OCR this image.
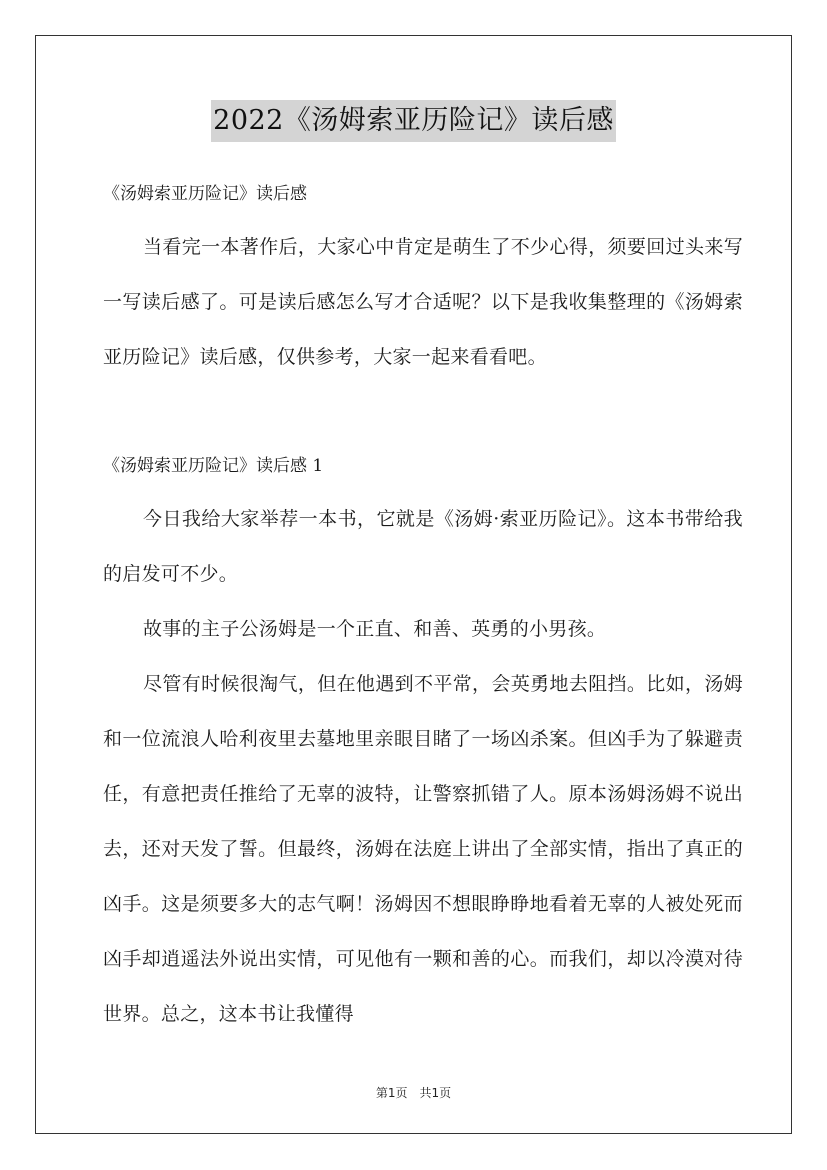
2022《汤姆索亚历险记》读后感
《汤姆索亚历险记》读后感

当看完一本著作后，大家心中肯定是萌生了不少心得，须要回过头来写一写读后感了。可是读后感怎么写才合适呢？以下是我收集整理的《汤姆索亚历险记》读后感，仅供参考，大家一起来看看吧。

《汤姆索亚历险记》读后感 1

今日我给大家举荐一本书，它就是《汤姆·索亚历险记》。这本书带给我的启发可不少。

故事的主子公汤姆是一个正直、和善、英勇的小男孩。

尽管有时候很淘气，但在他遇到不平常，会英勇地去阻挡。比如，汤姆和一位流浪人哈利夜里去墓地里亲眼目睹了一场凶杀案。但凶手为了躲避责任，有意把责任推给了无辜的波特，让警察抓错了人。原本汤姆汤姆不说出去，还对天发了誓。但最终，汤姆在法庭上讲出了全部实情，指出了真正的凶手。这是须要多大的志气啊！汤姆因不想眼睁睁地看着无辜的人被处死而凶手却逍遥法外说出实情，可见他有一颗和善的心。而我们，却以冷漠对待世界。总之，这本书让我懂得

第1页　共1页
